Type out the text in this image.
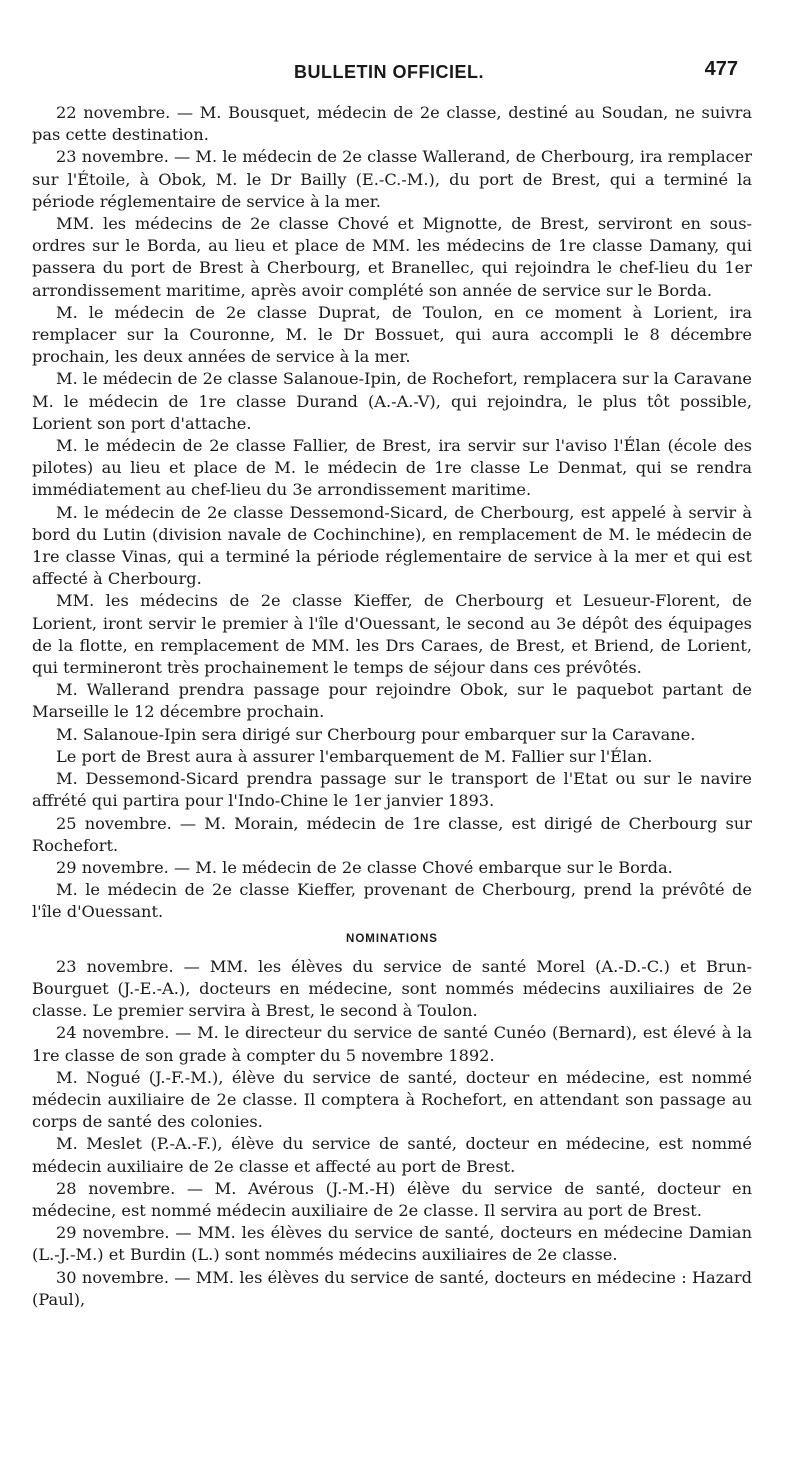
BULLETIN OFFICIEL.	477

22 novembre. — M. Bousquet, médecin de 2e classe, destiné au Soudan, ne suivra pas cette destination.

23 novembre. — M. le médecin de 2e classe Wallerand, de Cherbourg, ira remplacer sur l'Étoile, à Obok, M. le Dr Bailly (E.-C.-M.), du port de Brest, qui a terminé la période réglementaire de service à la mer.

MM. les médecins de 2e classe Chové et Mignotte, de Brest, serviront en sous-ordres sur le Borda, au lieu et place de MM. les médecins de 1re classe Damany, qui passera du port de Brest à Cherbourg, et Branellec, qui rejoindra le chef-lieu du 1er arrondissement maritime, après avoir complété son année de service sur le Borda.

M. le médecin de 2e classe Duprat, de Toulon, en ce moment à Lorient, ira remplacer sur la Couronne, M. le Dr Bossuet, qui aura accompli le 8 décembre prochain, les deux années de service à la mer.

M. le médecin de 2e classe Salanoue-Ipin, de Rochefort, remplacera sur la Caravane M. le médecin de 1re classe Durand (A.-A.-V), qui rejoindra, le plus tôt possible, Lorient son port d'attache.

M. le médecin de 2e classe Fallier, de Brest, ira servir sur l'aviso l'Élan (école des pilotes) au lieu et place de M. le médecin de 1re classe Le Denmat, qui se rendra immédiatement au chef-lieu du 3e arrondissement maritime.

M. le médecin de 2e classe Dessemond-Sicard, de Cherbourg, est appelé à servir à bord du Lutin (division navale de Cochinchine), en remplacement de M. le médecin de 1re classe Vinas, qui a terminé la période réglementaire de service à la mer et qui est affecté à Cherbourg.

MM. les médecins de 2e classe Kieffer, de Cherbourg et Lesueur-Florent, de Lorient, iront servir le premier à l'île d'Ouessant, le second au 3e dépôt des équipages de la flotte, en remplacement de MM. les Drs Caraes, de Brest, et Briend, de Lorient, qui termineront très prochainement le temps de séjour dans ces prévôtés.

M. Wallerand prendra passage pour rejoindre Obok, sur le paquebot partant de Marseille le 12 décembre prochain.

M. Salanoue-Ipin sera dirigé sur Cherbourg pour embarquer sur la Caravane.

Le port de Brest aura à assurer l'embarquement de M. Fallier sur l'Élan.

M. Dessemond-Sicard prendra passage sur le transport de l'Etat ou sur le navire affrété qui partira pour l'Indo-Chine le 1er janvier 1893.

25 novembre. — M. Morain, médecin de 1re classe, est dirigé de Cherbourg sur Rochefort.

29 novembre. — M. le médecin de 2e classe Chové embarque sur le Borda.

M. le médecin de 2e classe Kieffer, provenant de Cherbourg, prend la prévôté de l'île d'Ouessant.

NOMINATIONS

23 novembre. — MM. les élèves du service de santé Morel (A.-D.-C.) et Brun-Bourguet (J.-E.-A.), docteurs en médecine, sont nommés médecins auxiliaires de 2e classe. Le premier servira à Brest, le second à Toulon.

24 novembre. — M. le directeur du service de santé Cunéo (Bernard), est élevé à la 1re classe de son grade à compter du 5 novembre 1892.

M. Nogué (J.-F.-M.), élève du service de santé, docteur en médecine, est nommé médecin auxiliaire de 2e classe. Il comptera à Rochefort, en attendant son passage au corps de santé des colonies.

M. Meslet (P.-A.-F.), élève du service de santé, docteur en médecine, est nommé médecin auxiliaire de 2e classe et affecté au port de Brest.

28 novembre. — M. Avérous (J.-M.-H) élève du service de santé, docteur en médecine, est nommé médecin auxiliaire de 2e classe. Il servira au port de Brest.

29 novembre. — MM. les élèves du service de santé, docteurs en médecine Damian (L.-J.-M.) et Burdin (L.) sont nommés médecins auxiliaires de 2e classe.

30 novembre. — MM. les élèves du service de santé, docteurs en médecine : Hazard (Paul),
